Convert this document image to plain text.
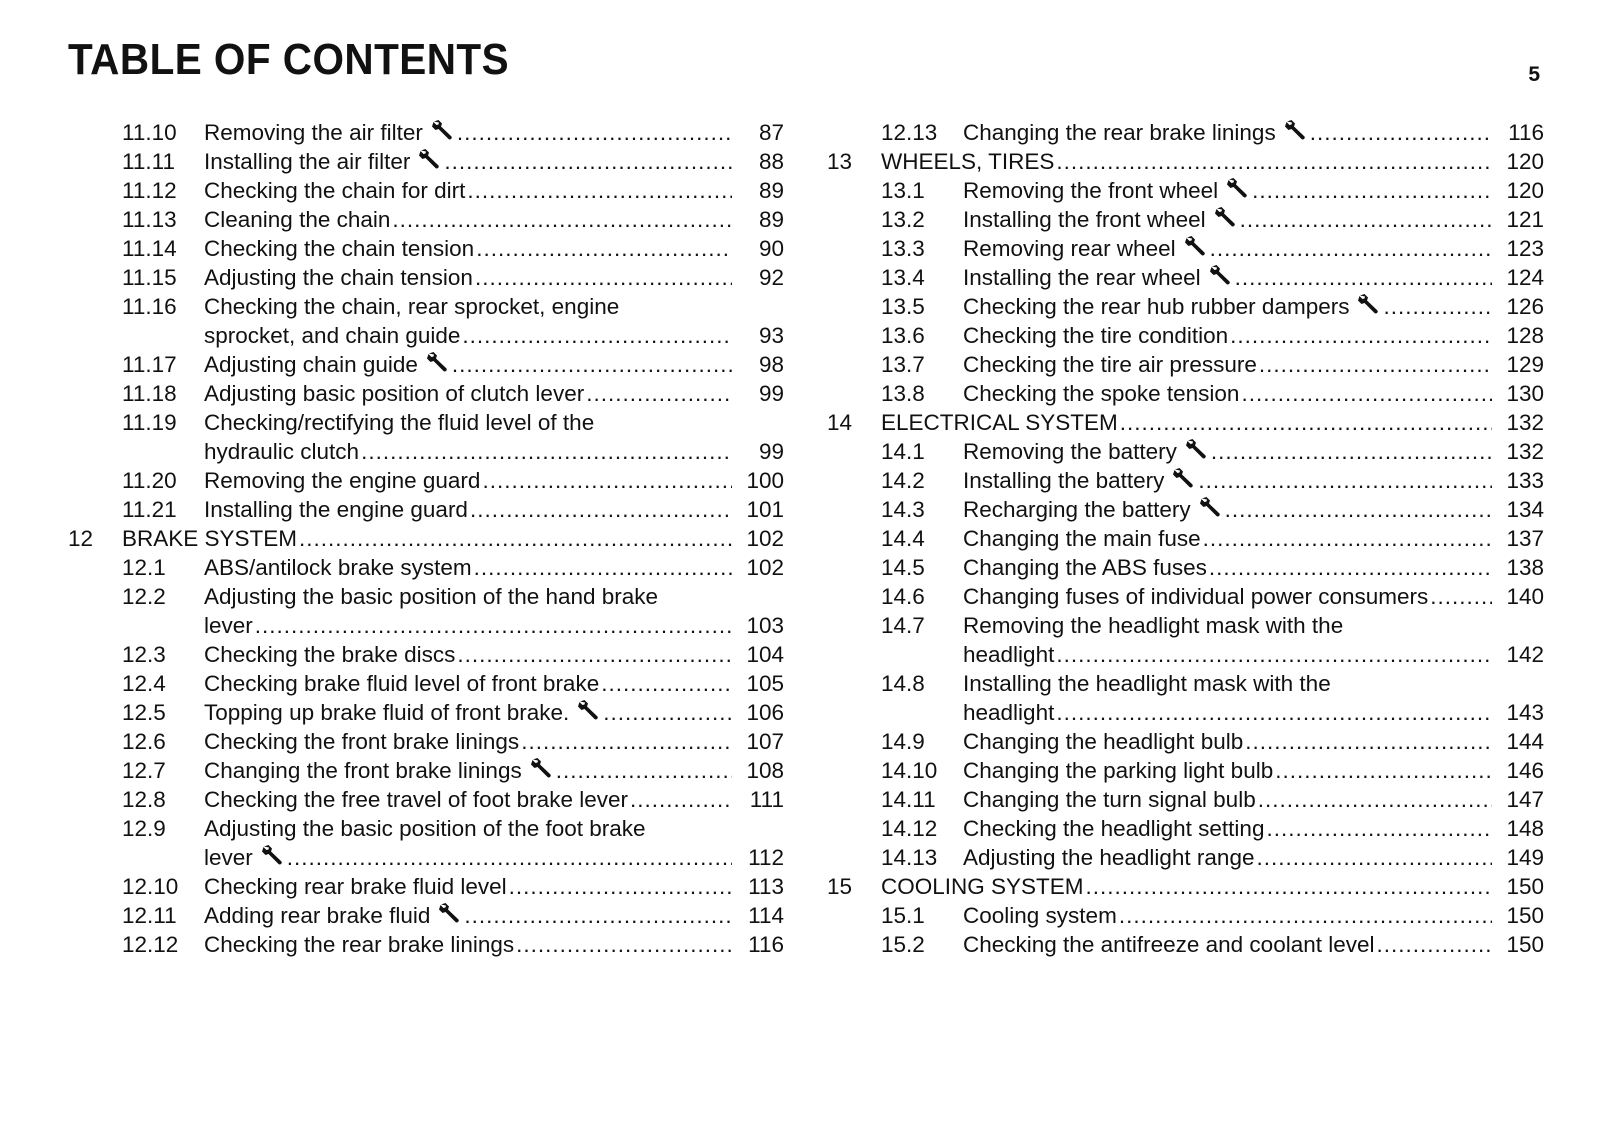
TABLE OF CONTENTS	5
11.10	Removing the air filter .....	87
11.11	Installing the air filter .....	88
11.12	Checking the chain for dirt .....	89
11.13	Cleaning the chain .....	89
11.14	Checking the chain tension .....	90
11.15	Adjusting the chain tension .....	92
11.16	Checking the chain, rear sprocket, engine
sprocket, and chain guide .....	93
11.17	Adjusting chain guide .....	98
11.18	Adjusting basic position of clutch lever .....	99
11.19	Checking/rectifying the fluid level of the
hydraulic clutch .....	99
11.20	Removing the engine guard .....	100
11.21	Installing the engine guard .....	101
12	BRAKE SYSTEM .....	102
12.1	ABS/antilock brake system .....	102
12.2	Adjusting the basic position of the hand brake
lever .....	103
12.3	Checking the brake discs .....	104
12.4	Checking brake fluid level of front brake .....	105
12.5	Topping up brake fluid of front brake. .....	106
12.6	Checking the front brake linings .....	107
12.7	Changing the front brake linings .....	108
12.8	Checking the free travel of foot brake lever .....	111
12.9	Adjusting the basic position of the foot brake
lever .....	112
12.10	Checking rear brake fluid level .....	113
12.11	Adding rear brake fluid .....	114
12.12	Checking the rear brake linings .....	116
12.13	Changing the rear brake linings .....	116
13	WHEELS, TIRES .....	120
13.1	Removing the front wheel .....	120
13.2	Installing the front wheel .....	121
13.3	Removing rear wheel .....	123
13.4	Installing the rear wheel .....	124
13.5	Checking the rear hub rubber dampers .....	126
13.6	Checking the tire condition .....	128
13.7	Checking the tire air pressure .....	129
13.8	Checking the spoke tension .....	130
14	ELECTRICAL SYSTEM .....	132
14.1	Removing the battery .....	132
14.2	Installing the battery .....	133
14.3	Recharging the battery .....	134
14.4	Changing the main fuse .....	137
14.5	Changing the ABS fuses .....	138
14.6	Changing fuses of individual power consumers .....	140
14.7	Removing the headlight mask with the
headlight .....	142
14.8	Installing the headlight mask with the
headlight .....	143
14.9	Changing the headlight bulb .....	144
14.10	Changing the parking light bulb .....	146
14.11	Changing the turn signal bulb .....	147
14.12	Checking the headlight setting .....	148
14.13	Adjusting the headlight range .....	149
15	COOLING SYSTEM .....	150
15.1	Cooling system .....	150
15.2	Checking the antifreeze and coolant level .....	150
